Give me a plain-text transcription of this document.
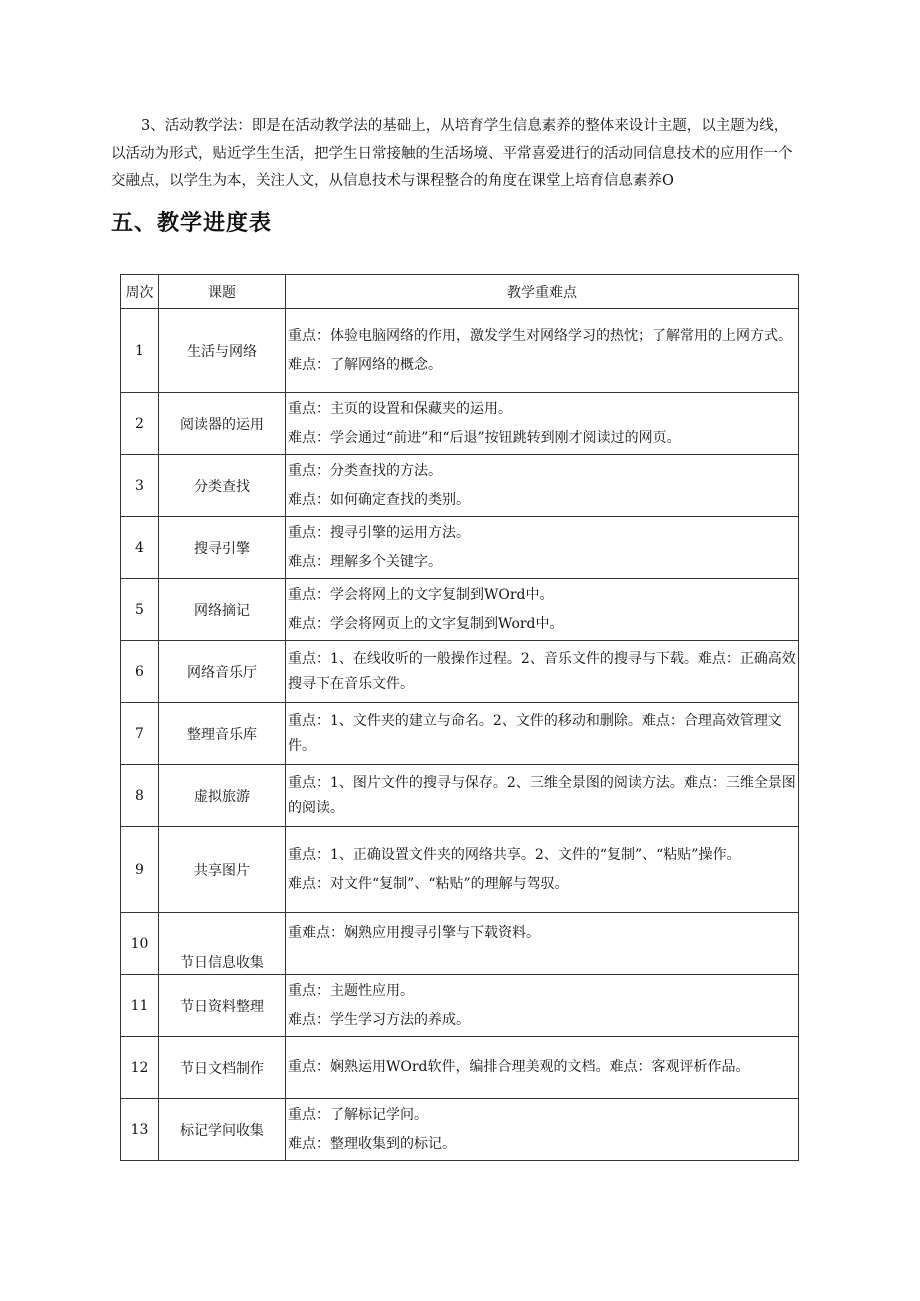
3、活动教学法：即是在活动教学法的基础上，从培育学生信息素养的整体来设计主题，以主题为线，以活动为形式，贴近学生生活，把学生日常接触的生活场境、平常喜爱进行的活动同信息技术的应用作一个交融点，以学生为本，关注人文，从信息技术与课程整合的角度在课堂上培育信息素养O
五、教学进度表
周次	课题	教学重难点
1	生活与网络	重点：体验电脑网络的作用，激发学生对网络学习的热忱；了解常用的上网方式。
难点：了解网络的概念。

2	阅读器的运用	重点：主页的设置和保藏夹的运用。
难点：学会通过“前进”和“后退”按钮跳转到刚才阅读过的网页。

3	分类查找	重点：分类查找的方法。
难点：如何确定查找的类别。

4	搜寻引擎	重点：搜寻引擎的运用方法。
难点：理解多个关键字。

5	网络摘记	重点：学会将网上的文字复制到WOrd中。
难点：学会将网页上的文字复制到Word中。

6	网络音乐厅	重点：1、在线收听的一般操作过程。2、音乐文件的搜寻与下载。难点：正确高效搜寻下在音乐文件。

7	整理音乐库	重点：1、文件夹的建立与命名。2、文件的移动和删除。难点：合理高效管理文件。

8	虚拟旅游	重点：1、图片文件的搜寻与保存。2、三维全景图的阅读方法。难点：三维全景图的阅读。

9	共享图片	重点：1、正确设置文件夹的网络共享。2、文件的“复制”、“粘贴”操作。
难点：对文件“复制”、“粘贴”的理解与驾驭。

10	节日信息收集	重难点：娴熟应用搜寻引擎与下载资料。

11	节日资料整理	重点：主题性应用。
难点：学生学习方法的养成。

12	节日文档制作	重点：娴熟运用WOrd软件，编排合理美观的文档。难点：客观评析作品。

13	标记学问收集	重点：了解标记学问。
难点：整理收集到的标记。
